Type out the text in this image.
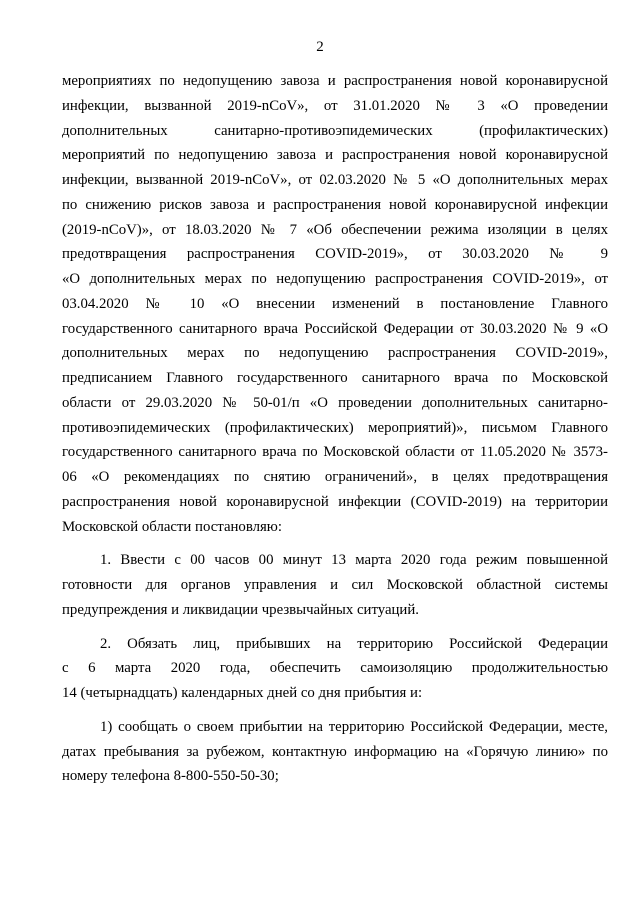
2

мероприятиях по недопущению завоза и распространения новой коронавирусной

инфекции, вызванной 2019-nCoV», от 31.01.2020 № 3 «О проведении

дополнительных санитарно-противоэпидемических (профилактических)

мероприятий по недопущению завоза и распространения новой коронавирусной

инфекции, вызванной 2019-nCoV», от 02.03.2020 № 5 «О дополнительных мерах

по снижению рисков завоза и распространения новой коронавирусной инфекции

(2019-nCoV)», от 18.03.2020 № 7 «Об обеспечении режима изоляции в целях

предотвращения распространения COVID-2019», от 30.03.2020 № 9

«О дополнительных мерах по недопущению распространения COVID-2019», от

03.04.2020 № 10 «О внесении изменений в постановление Главного

государственного санитарного врача Российской Федерации от 30.03.2020 № 9 «О

дополнительных мерах по недопущению распространения COVID-2019»,

предписанием Главного государственного санитарного врача по Московской

области от 29.03.2020 № 50-01/п «О проведении дополнительных санитарно-

противоэпидемических (профилактических) мероприятий)», письмом Главного

государственного санитарного врача по Московской области от 11.05.2020 № 3573-

06 «О рекомендациях по снятию ограничений», в целях предотвращения

распространения новой коронавирусной инфекции (COVID-2019) на территории

Московской области постановляю:

1. Ввести с 00 часов 00 минут 13 марта 2020 года режим повышенной

готовности для органов управления и сил Московской областной системы

предупреждения и ликвидации чрезвычайных ситуаций.

2. Обязать лиц, прибывших на территорию Российской Федерации

с 6 марта 2020 года, обеспечить самоизоляцию продолжительностью

14 (четырнадцать) календарных дней со дня прибытия и:

1) сообщать о своем прибытии на территорию Российской Федерации, месте,

датах пребывания за рубежом, контактную информацию на «Горячую линию» по

номеру телефона 8-800-550-50-30;
